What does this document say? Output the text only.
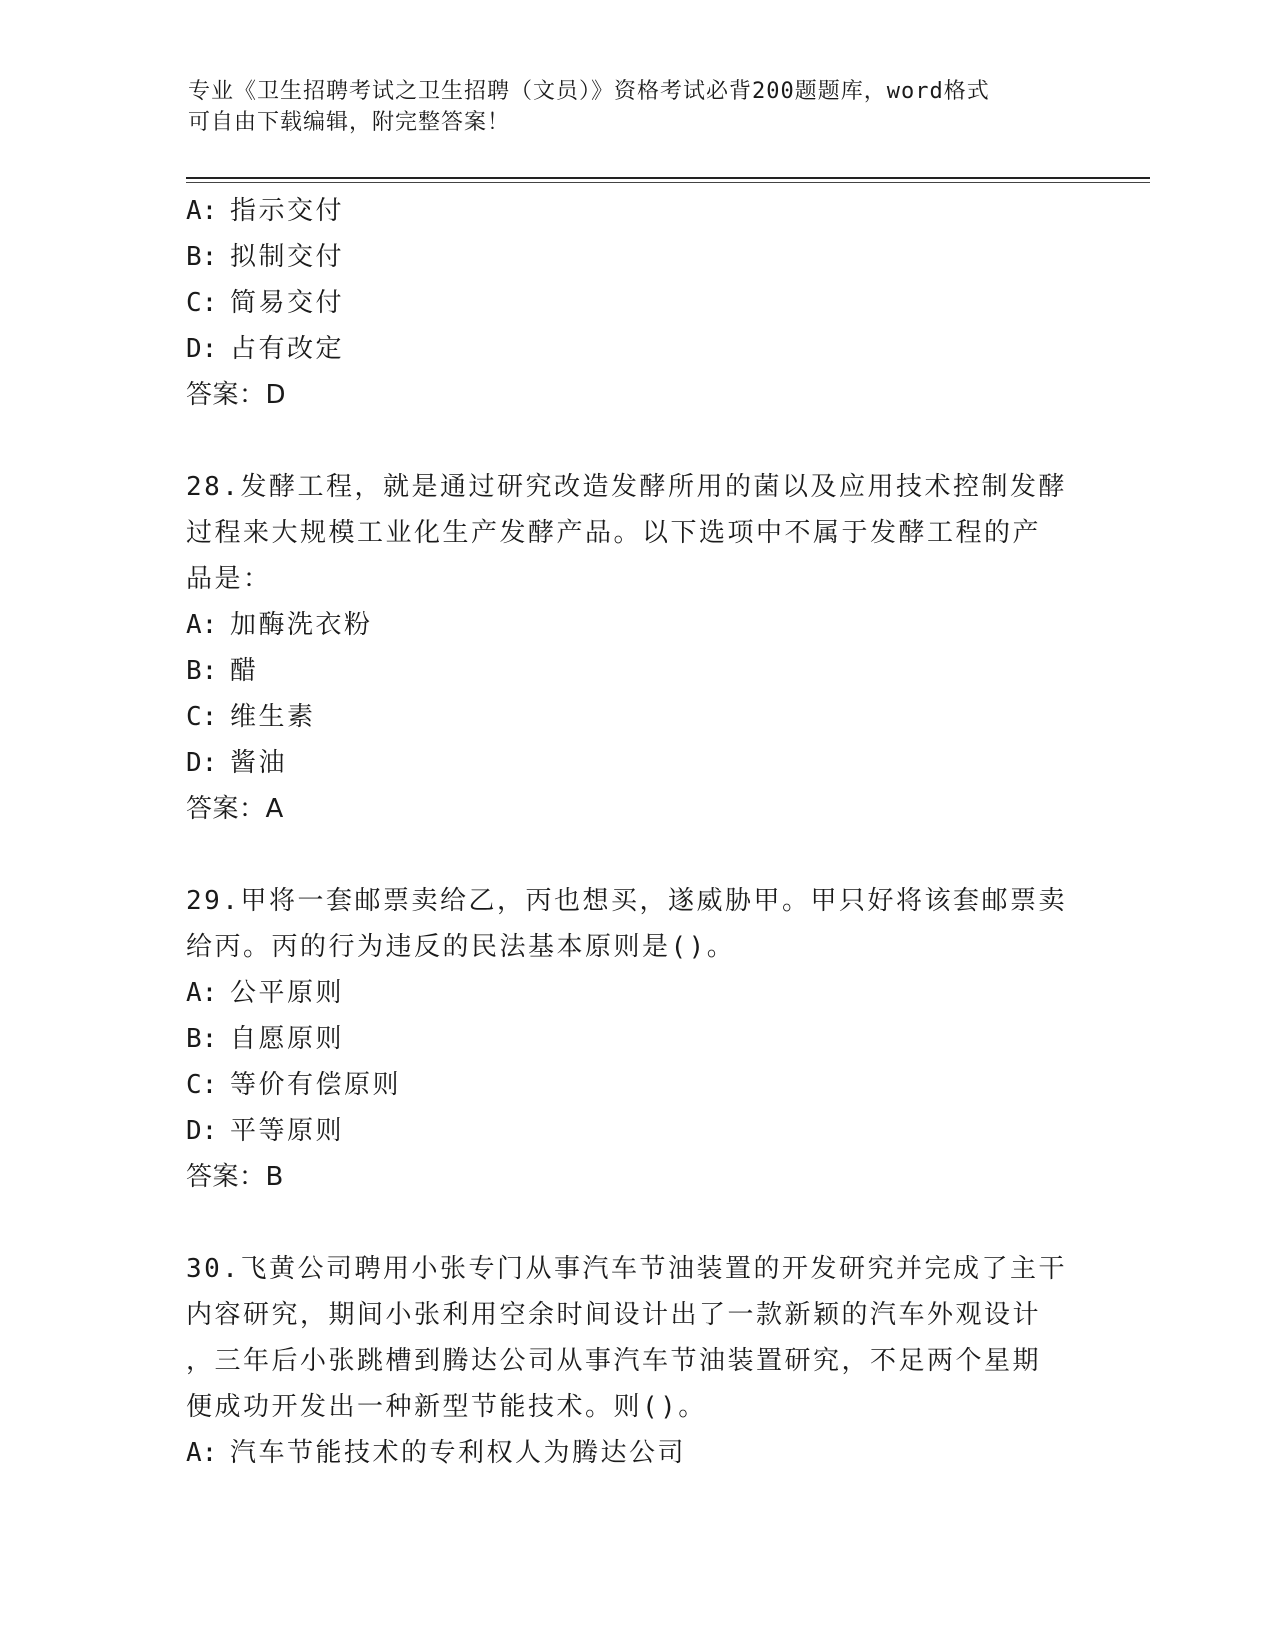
专业《卫生招聘考试之卫生招聘（文员）》资格考试必背200题题库，word格式
可自由下载编辑，附完整答案！
A: 指示交付
B: 拟制交付
C: 简易交付
D: 占有改定
答案：D
28.发酵工程，就是通过研究改造发酵所用的菌以及应用技术控制发酵
过程来大规模工业化生产发酵产品。以下选项中不属于发酵工程的产
品是：
A: 加酶洗衣粉
B: 醋
C: 维生素
D: 酱油
答案：A
29.甲将一套邮票卖给乙，丙也想买，遂威胁甲。甲只好将该套邮票卖
给丙。丙的行为违反的民法基本原则是()。
A: 公平原则
B: 自愿原则
C: 等价有偿原则
D: 平等原则
答案：B
30.飞黄公司聘用小张专门从事汽车节油装置的开发研究并完成了主干
内容研究，期间小张利用空余时间设计出了一款新颖的汽车外观设计
，三年后小张跳槽到腾达公司从事汽车节油装置研究，不足两个星期
便成功开发出一种新型节能技术。则()。
A: 汽车节能技术的专利权人为腾达公司
